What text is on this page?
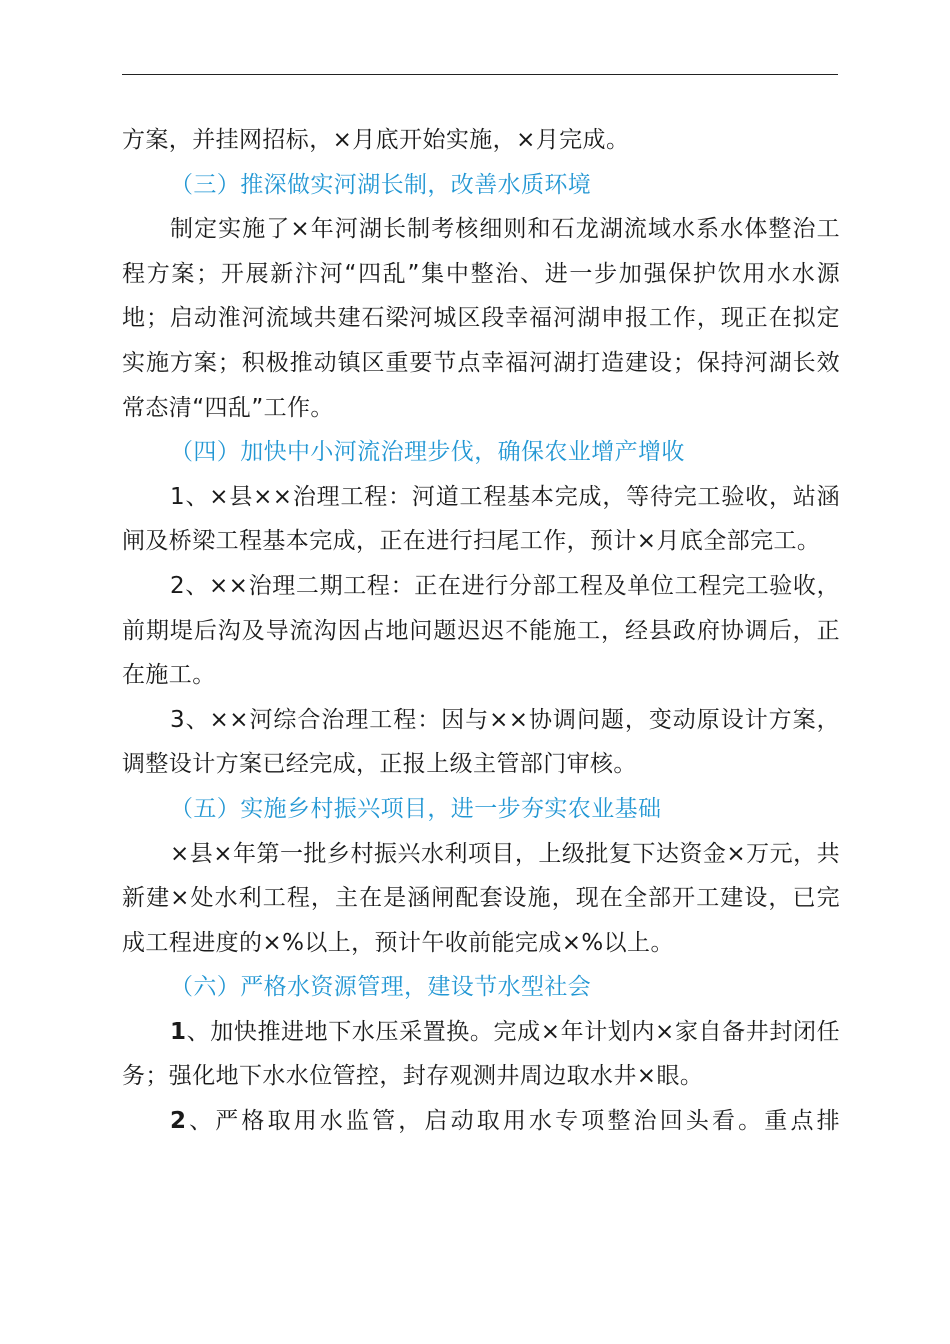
方案，并挂网招标，×月底开始实施，×月完成。

（三）推深做实河湖长制，改善水质环境

制定实施了×年河湖长制考核细则和石龙湖流域水系水体整治工程方案；开展新汴河“四乱”集中整治、进一步加强保护饮用水水源地；启动淮河流域共建石梁河城区段幸福河湖申报工作，现正在拟定实施方案；积极推动镇区重要节点幸福河湖打造建设；保持河湖长效常态清“四乱”工作。

（四）加快中小河流治理步伐，确保农业增产增收

1、×县××治理工程：河道工程基本完成，等待完工验收，站涵闸及桥梁工程基本完成，正在进行扫尾工作，预计×月底全部完工。

2、××治理二期工程：正在进行分部工程及单位工程完工验收，前期堤后沟及导流沟因占地问题迟迟不能施工，经县政府协调后，正在施工。

3、××河综合治理工程：因与××协调问题，变动原设计方案，调整设计方案已经完成，正报上级主管部门审核。

（五）实施乡村振兴项目，进一步夯实农业基础

×县×年第一批乡村振兴水利项目，上级批复下达资金×万元，共新建×处水利工程，主在是涵闸配套设施，现在全部开工建设，已完成工程进度的×%以上，预计午收前能完成×%以上。

（六）严格水资源管理，建设节水型社会

1、加快推进地下水压采置换。完成×年计划内×家自备井封闭任务；强化地下水水位管控，封存观测井周边取水井×眼。

2、严格取用水监管，启动取用水专项整治回头看。重点排
